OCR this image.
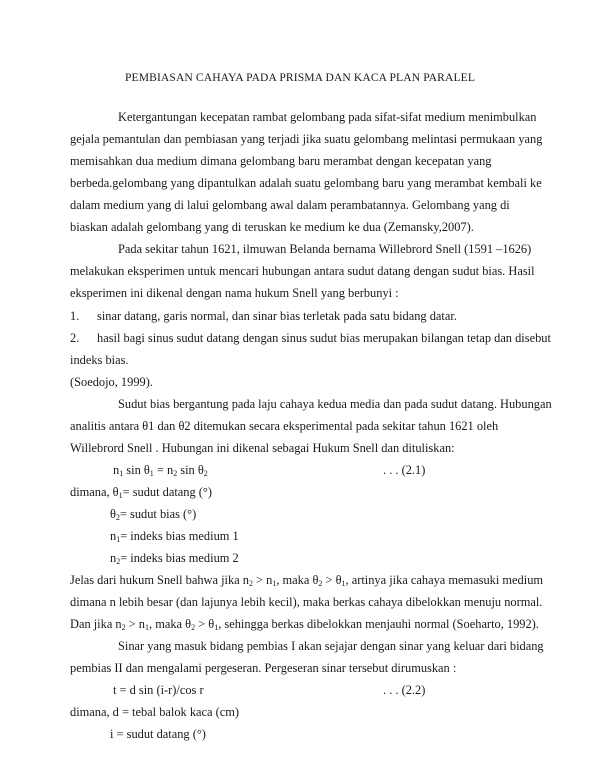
PEMBIASAN CAHAYA PADA PRISMA DAN KACA PLAN PARALEL
Ketergantungan kecepatan rambat gelombang pada sifat-sifat medium menimbulkan
gejala pemantulan dan pembiasan yang terjadi jika suatu gelombang melintasi permukaan yang
memisahkan dua medium dimana gelombang baru merambat dengan kecepatan yang
berbeda.gelombang yang dipantulkan adalah suatu gelombang baru yang merambat kembali ke
dalam medium yang di lalui gelombang awal dalam perambatannya. Gelombang yang di
biaskan adalah gelombang yang di teruskan ke medium ke dua (Zemansky,2007).
Pada sekitar tahun 1621, ilmuwan Belanda bernama Willebrord Snell (1591 –1626)
melakukan eksperimen untuk mencari hubungan antara sudut datang dengan sudut bias. Hasil
eksperimen ini dikenal dengan nama hukum Snell yang berbunyi :
1. sinar datang, garis normal, dan sinar bias terletak pada satu bidang datar.
2. hasil bagi sinus sudut datang dengan sinus sudut bias merupakan bilangan tetap dan disebut
indeks bias.
(Soedojo, 1999).
Sudut bias bergantung pada laju cahaya kedua media dan pada sudut datang. Hubungan
analitis antara θ1 dan θ2 ditemukan secara eksperimental pada sekitar tahun 1621 oleh
Willebrord Snell . Hubungan ini dikenal sebagai Hukum Snell dan dituliskan:
$n_1$ $\sin \theta_1 = n_2$ $\sin \theta_2$	. . . (2.1)
dimana, $\theta_1=$ sudut datang (°)
$\theta_2=$ sudut bias (°)
$n_1=$ indeks bias medium 1
$n_2=$ indeks bias medium 2
Jelas dari hukum Snell bahwa jika $n_2 > n_1$, maka $\theta_2 > \theta_1$, artinya jika cahaya memasuki medium
dimana n lebih besar (dan lajunya lebih kecil), maka berkas cahaya dibelokkan menuju normal.
Dan jika $n_2 > n_1$, maka $\theta_2 > \theta_1$, sehingga berkas dibelokkan menjauhi normal (Soeharto, 1992).
Sinar yang masuk bidang pembias I akan sejajar dengan sinar yang keluar dari bidang
pembias II dan mengalami pergeseran. Pergeseran sinar tersebut dirumuskan :
t = d sin (i-r)/cos r	. . . (2.2)
dimana, d = tebal balok kaca (cm)
i = sudut datang (°)
